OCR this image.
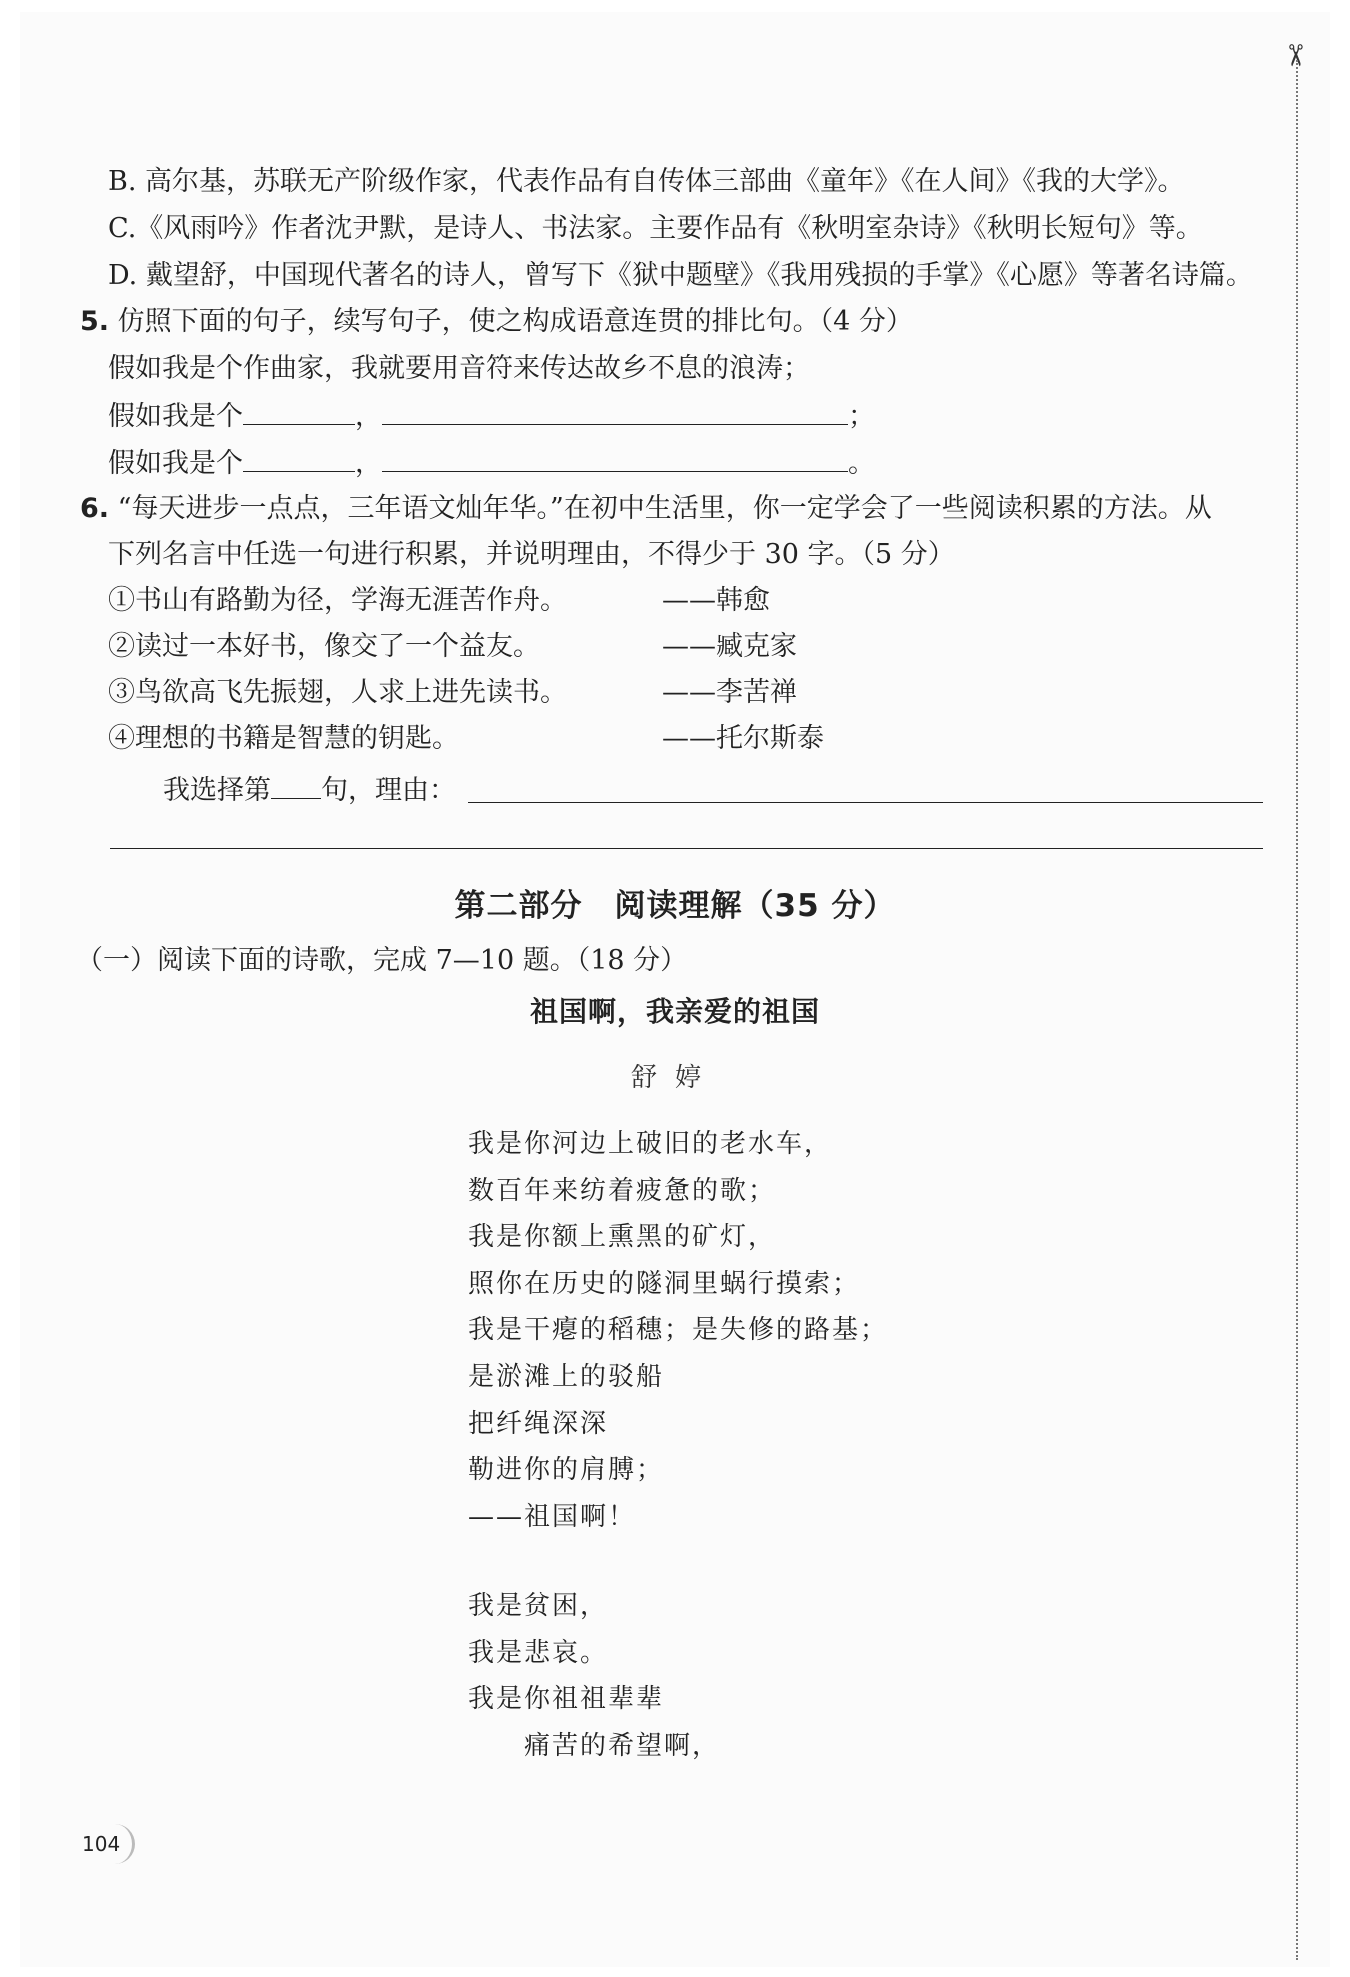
✂
B. 高尔基，苏联无产阶级作家，代表作品有自传体三部曲《童年》《在人间》《我的大学》。
C.《风雨吟》作者沈尹默，是诗人、书法家。主要作品有《秋明室杂诗》《秋明长短句》等。
D. 戴望舒，中国现代著名的诗人，曾写下《狱中题壁》《我用残损的手掌》《心愿》等著名诗篇。
5. 仿照下面的句子，续写句子，使之构成语意连贯的排比句。（4 分）
假如我是个作曲家，我就要用音符来传达故乡不息的浪涛；
假如我是个	，	；
假如我是个	，	。
6. “每天进步一点点，三年语文灿年华。”在初中生活里，你一定学会了一些阅读积累的方法。从
下列名言中任选一句进行积累，并说明理由，不得少于 30 字。（5 分）
①书山有路勤为径，学海无涯苦作舟。	——韩愈
②读过一本好书，像交了一个益友。	——臧克家
③鸟欲高飞先振翅，人求上进先读书。	——李苦禅
④理想的书籍是智慧的钥匙。	——托尔斯泰
我选择第 句，理由：
第二部分　阅读理解（35 分）
（一）阅读下面的诗歌，完成 7—10 题。（18 分）
祖国啊，我亲爱的祖国
舒婷
我是你河边上破旧的老水车，
数百年来纺着疲惫的歌；
我是你额上熏黑的矿灯，
照你在历史的隧洞里蜗行摸索；
我是干瘪的稻穗；是失修的路基；
是淤滩上的驳船
把纤绳深深
勒进你的肩膊；
——祖国啊！
我是贫困，
我是悲哀。
我是你祖祖辈辈
痛苦的希望啊，
104
